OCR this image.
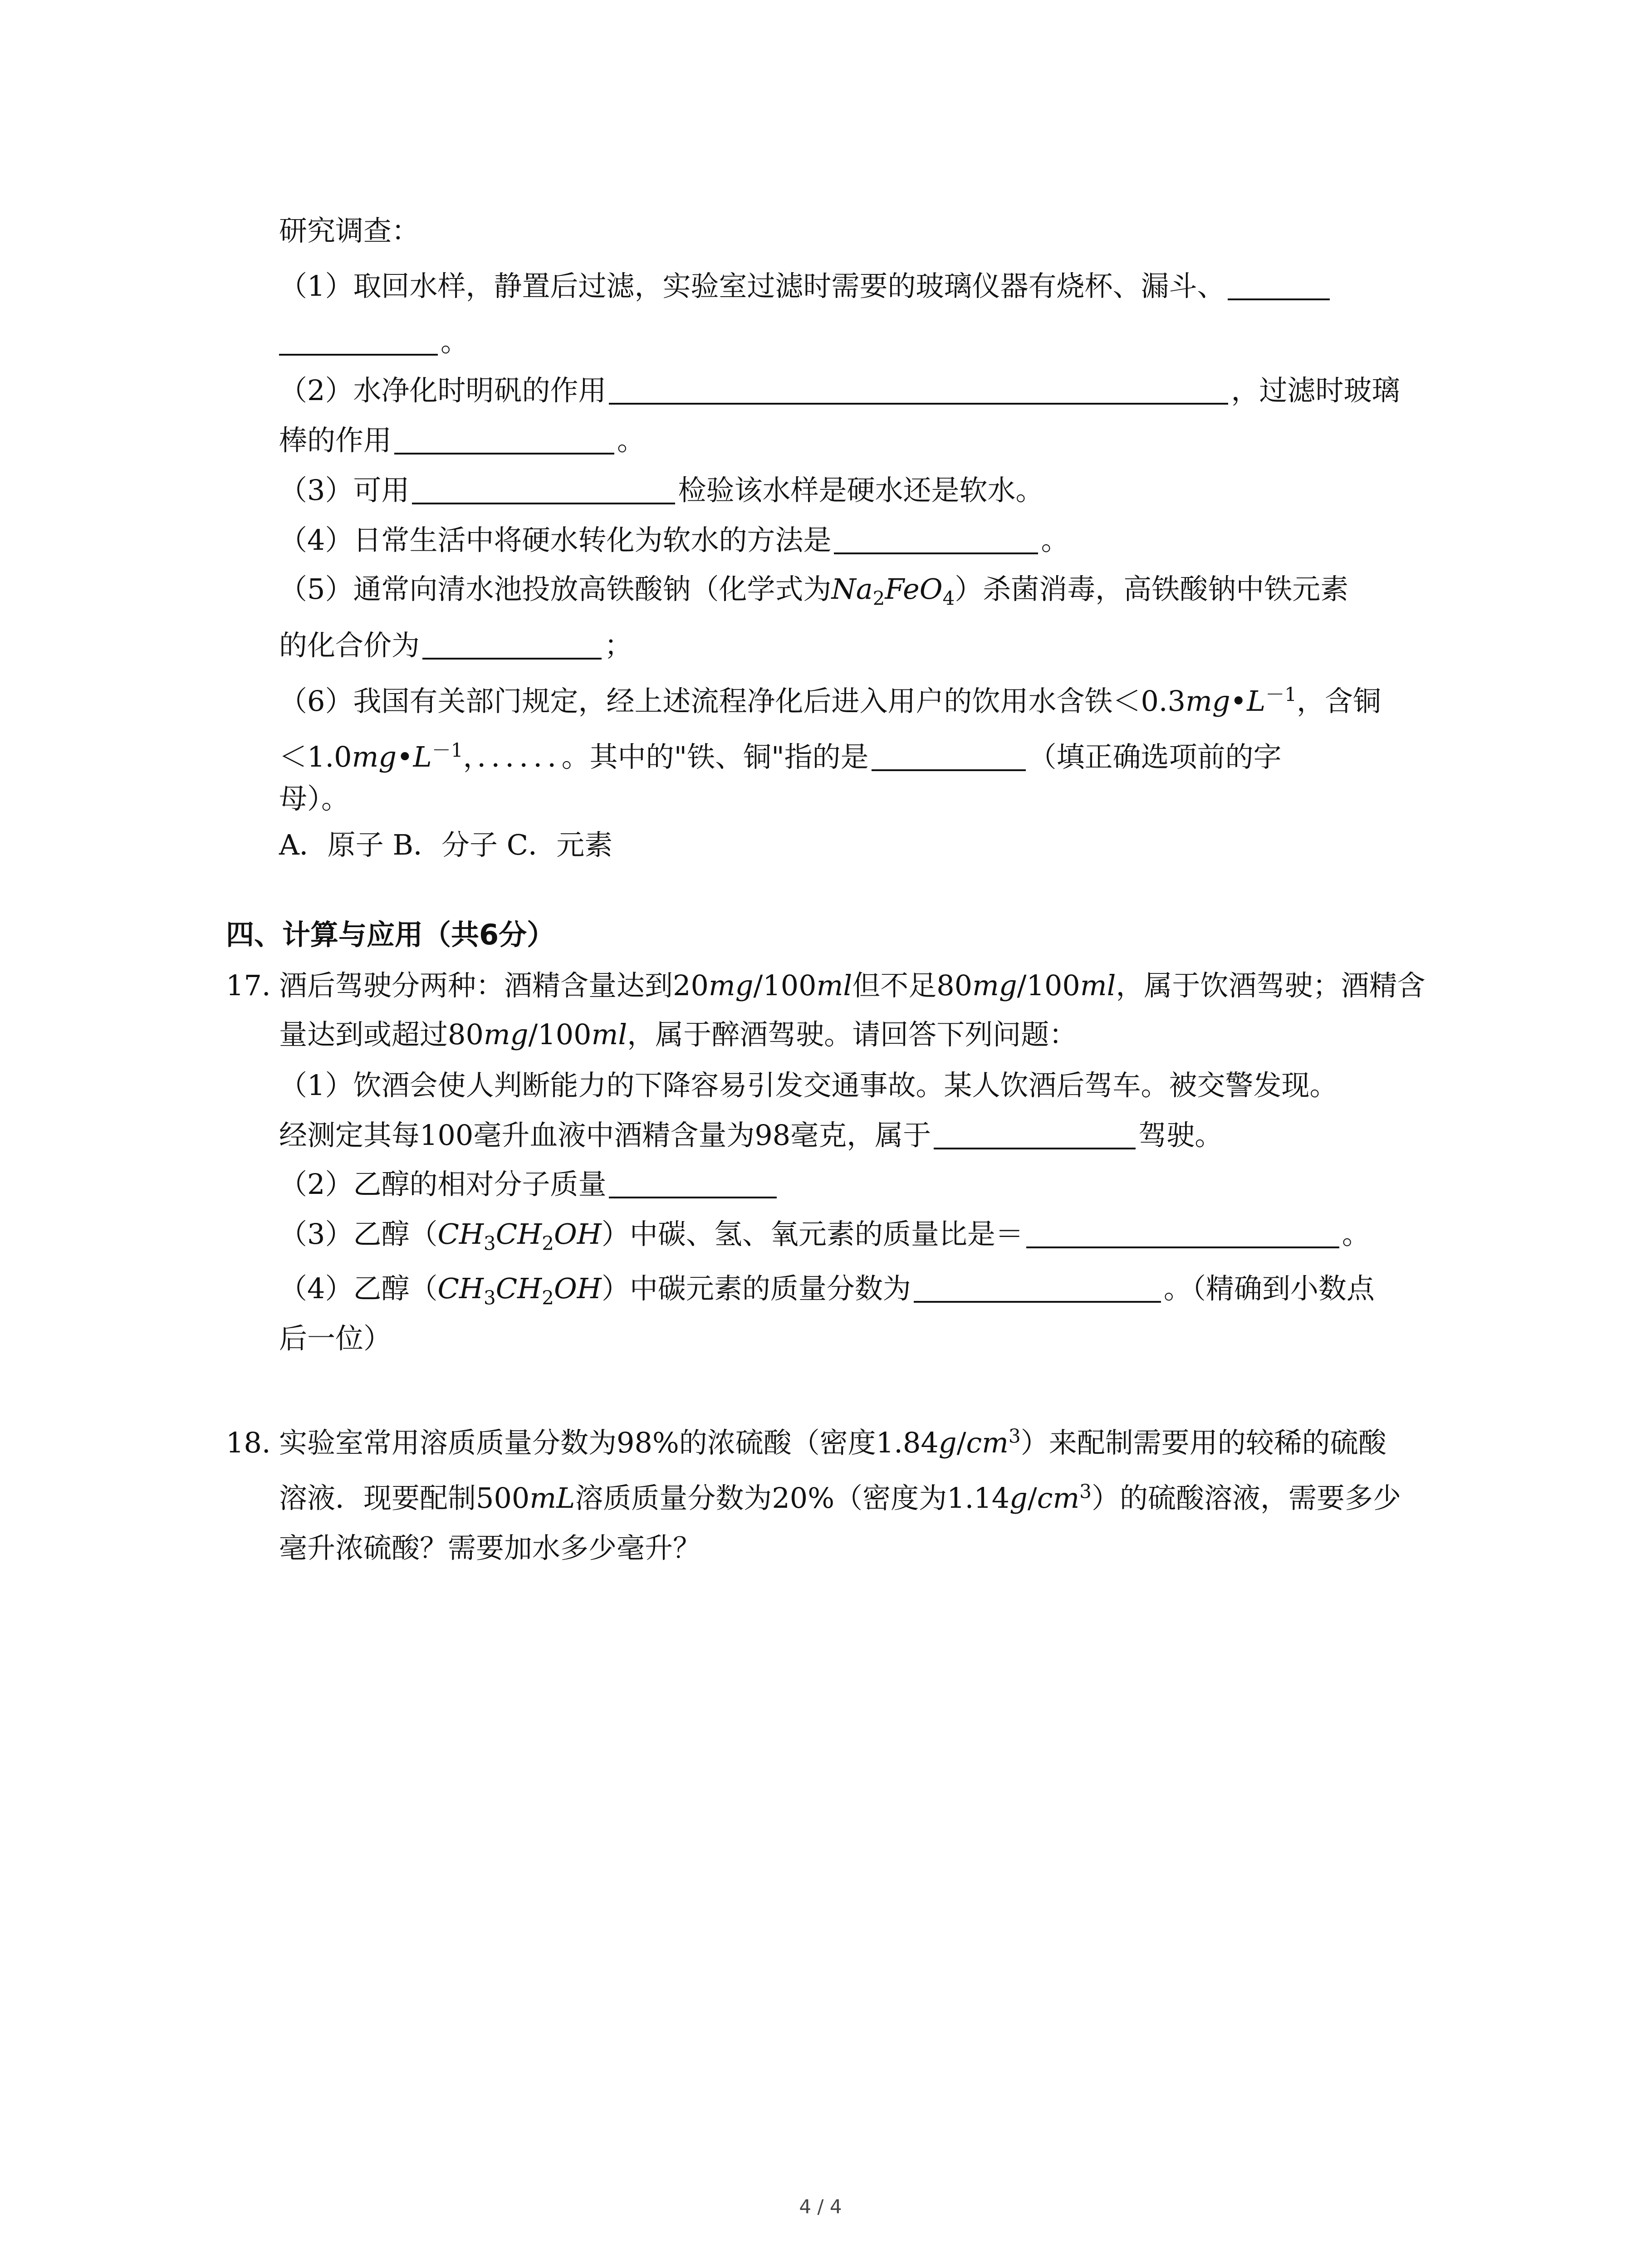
研究调查：
（1）取回水样，静置后过滤，实验室过滤时需要的玻璃仪器有烧杯、漏斗、
。
（2）水净化时明矾的作用	，过滤时玻璃
棒的作用	。
（3）可用	检验该水样是硬水还是软水。
（4）日常生活中将硬水转化为软水的方法是	。
（5）通常向清水池投放高铁酸钠（化学式为$Na_2FeO_4$）杀菌消毒，高铁酸钠中铁元素
的化合价为	；
（6）我国有关部门规定，经上述流程净化后进入用户的饮用水含铁$<0.3mg•L^{-1}$，含铜
$<1.0mg•L^{-1}$，．．．．．．。其中的"铁、铜"指的是	（填正确选项前的字
母）。
A．原子 B．分子 C．元素
四、计算与应用（共6分）
17. 酒后驾驶分两种：酒精含量达到20mg/100ml但不足80mg/100ml，属于饮酒驾驶；酒精含
量达到或超过80mg/100ml，属于醉酒驾驶。请回答下列问题：
（1）饮酒会使人判断能力的下降容易引发交通事故。某人饮酒后驾车。被交警发现。
经测定其每100毫升血液中酒精含量为98毫克，属于	驾驶。
（2）乙醇的相对分子质量
（3）乙醇$(CH_3CH_2OH)$中碳、氢、氧元素的质量比是＝	。
（4）乙醇$(CH_3CH_2OH)$中碳元素的质量分数为	。（精确到小数点
后一位）
18. 实验室常用溶质质量分数为98%的浓硫酸（密度$1.84g/cm^3$）来配制需要用的较稀的硫酸
溶液．现要配制500mL溶质质量分数为20%（密度为$1.14g/cm^3$）的硫酸溶液，需要多少
毫升浓硫酸？需要加水多少毫升？
4 / 4
